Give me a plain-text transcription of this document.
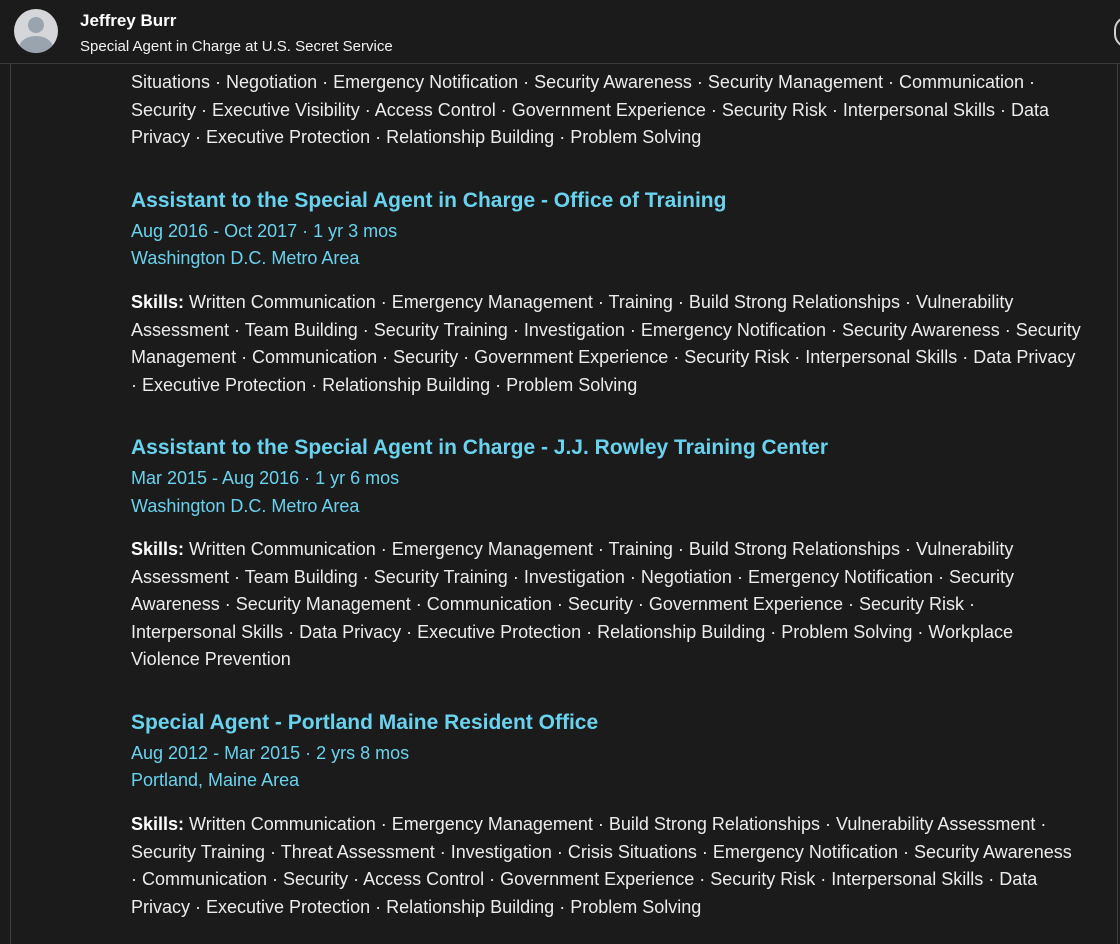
Jeffrey Burr
Special Agent in Charge at U.S. Secret Service
Situations · Negotiation · Emergency Notification · Security Awareness · Security Management · Communication · Security · Executive Visibility · Access Control · Government Experience · Security Risk · Interpersonal Skills · Data Privacy · Executive Protection · Relationship Building · Problem Solving
Assistant to the Special Agent in Charge - Office of Training
Aug 2016 - Oct 2017 · 1 yr 3 mos
Washington D.C. Metro Area
Skills: Written Communication · Emergency Management · Training · Build Strong Relationships · Vulnerability Assessment · Team Building · Security Training · Investigation · Emergency Notification · Security Awareness · Security Management · Communication · Security · Government Experience · Security Risk · Interpersonal Skills · Data Privacy · Executive Protection · Relationship Building · Problem Solving
Assistant to the Special Agent in Charge - J.J. Rowley Training Center
Mar 2015 - Aug 2016 · 1 yr 6 mos
Washington D.C. Metro Area
Skills: Written Communication · Emergency Management · Training · Build Strong Relationships · Vulnerability Assessment · Team Building · Security Training · Investigation · Negotiation · Emergency Notification · Security Awareness · Security Management · Communication · Security · Government Experience · Security Risk · Interpersonal Skills · Data Privacy · Executive Protection · Relationship Building · Problem Solving · Workplace Violence Prevention
Special Agent - Portland Maine Resident Office
Aug 2012 - Mar 2015 · 2 yrs 8 mos
Portland, Maine Area
Skills: Written Communication · Emergency Management · Build Strong Relationships · Vulnerability Assessment · Security Training · Threat Assessment · Investigation · Crisis Situations · Emergency Notification · Security Awareness · Communication · Security · Access Control · Government Experience · Security Risk · Interpersonal Skills · Data Privacy · Executive Protection · Relationship Building · Problem Solving
